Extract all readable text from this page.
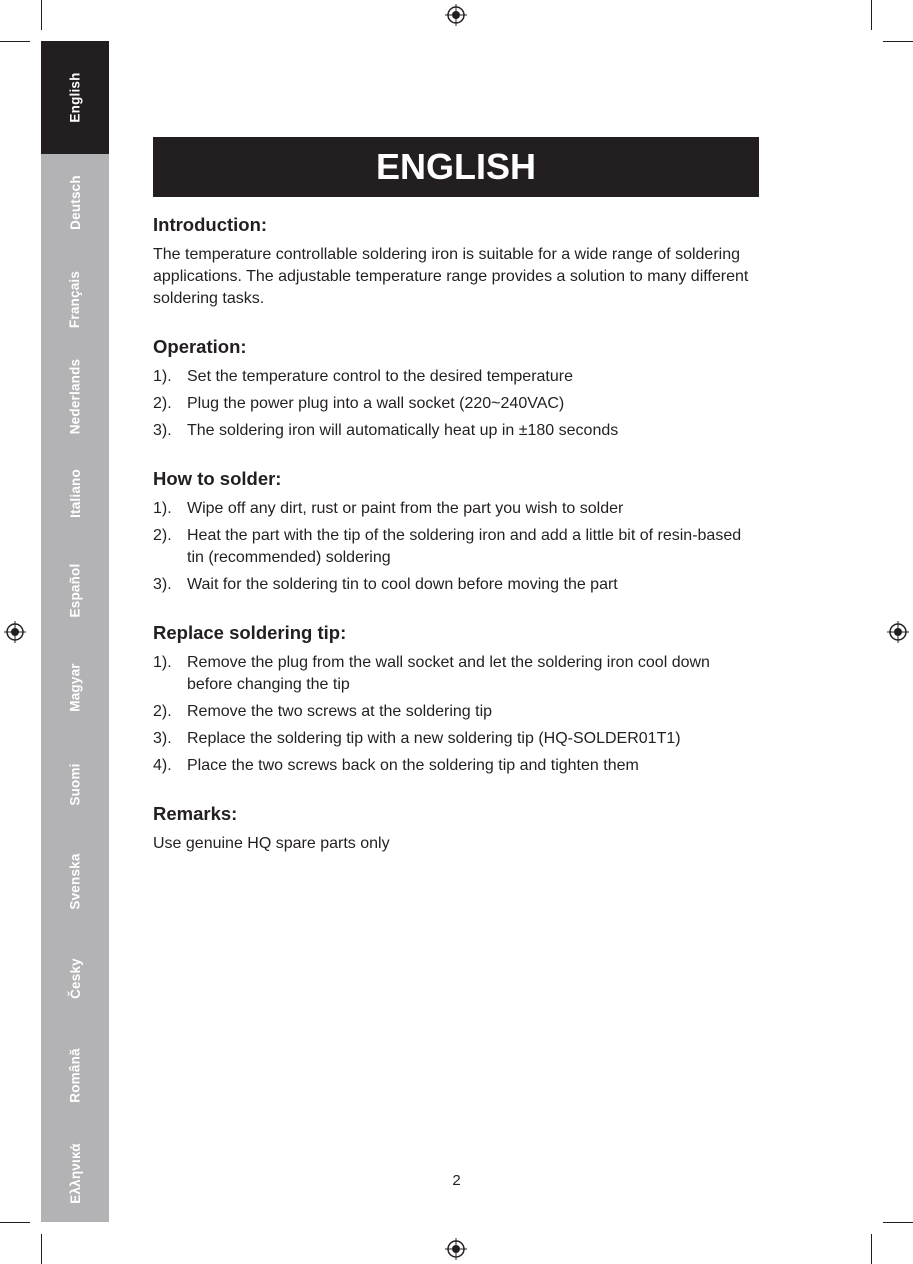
English
Deutsch
Français
Nederlands
Italiano
Español
Magyar
Suomi
Svenska
Česky
Română
Ελληνικά
ENGLISH
Introduction:

The temperature controllable soldering iron is suitable for a wide range of soldering applications. The adjustable temperature range provides a solution to many different soldering tasks.

Operation:
1). Set the temperature control to the desired temperature
2). Plug the power plug into a wall socket (220~240VAC)
3). The soldering iron will automatically heat up in ±180 seconds
How to solder:
1). Wipe off any dirt, rust or paint from the part you wish to solder
2). Heat the part with the tip of the soldering iron and add a little bit of resin-based tin (recommended) soldering
3). Wait for the soldering tin to cool down before moving the part
Replace soldering tip:
1). Remove the plug from the wall socket and let the soldering iron cool down before changing the tip
2). Remove the two screws at the soldering tip
3). Replace the soldering tip with a new soldering tip (HQ-SOLDER01T1)
4). Place the two screws back on the soldering tip and tighten them
Remarks:

Use genuine HQ spare parts only

2
